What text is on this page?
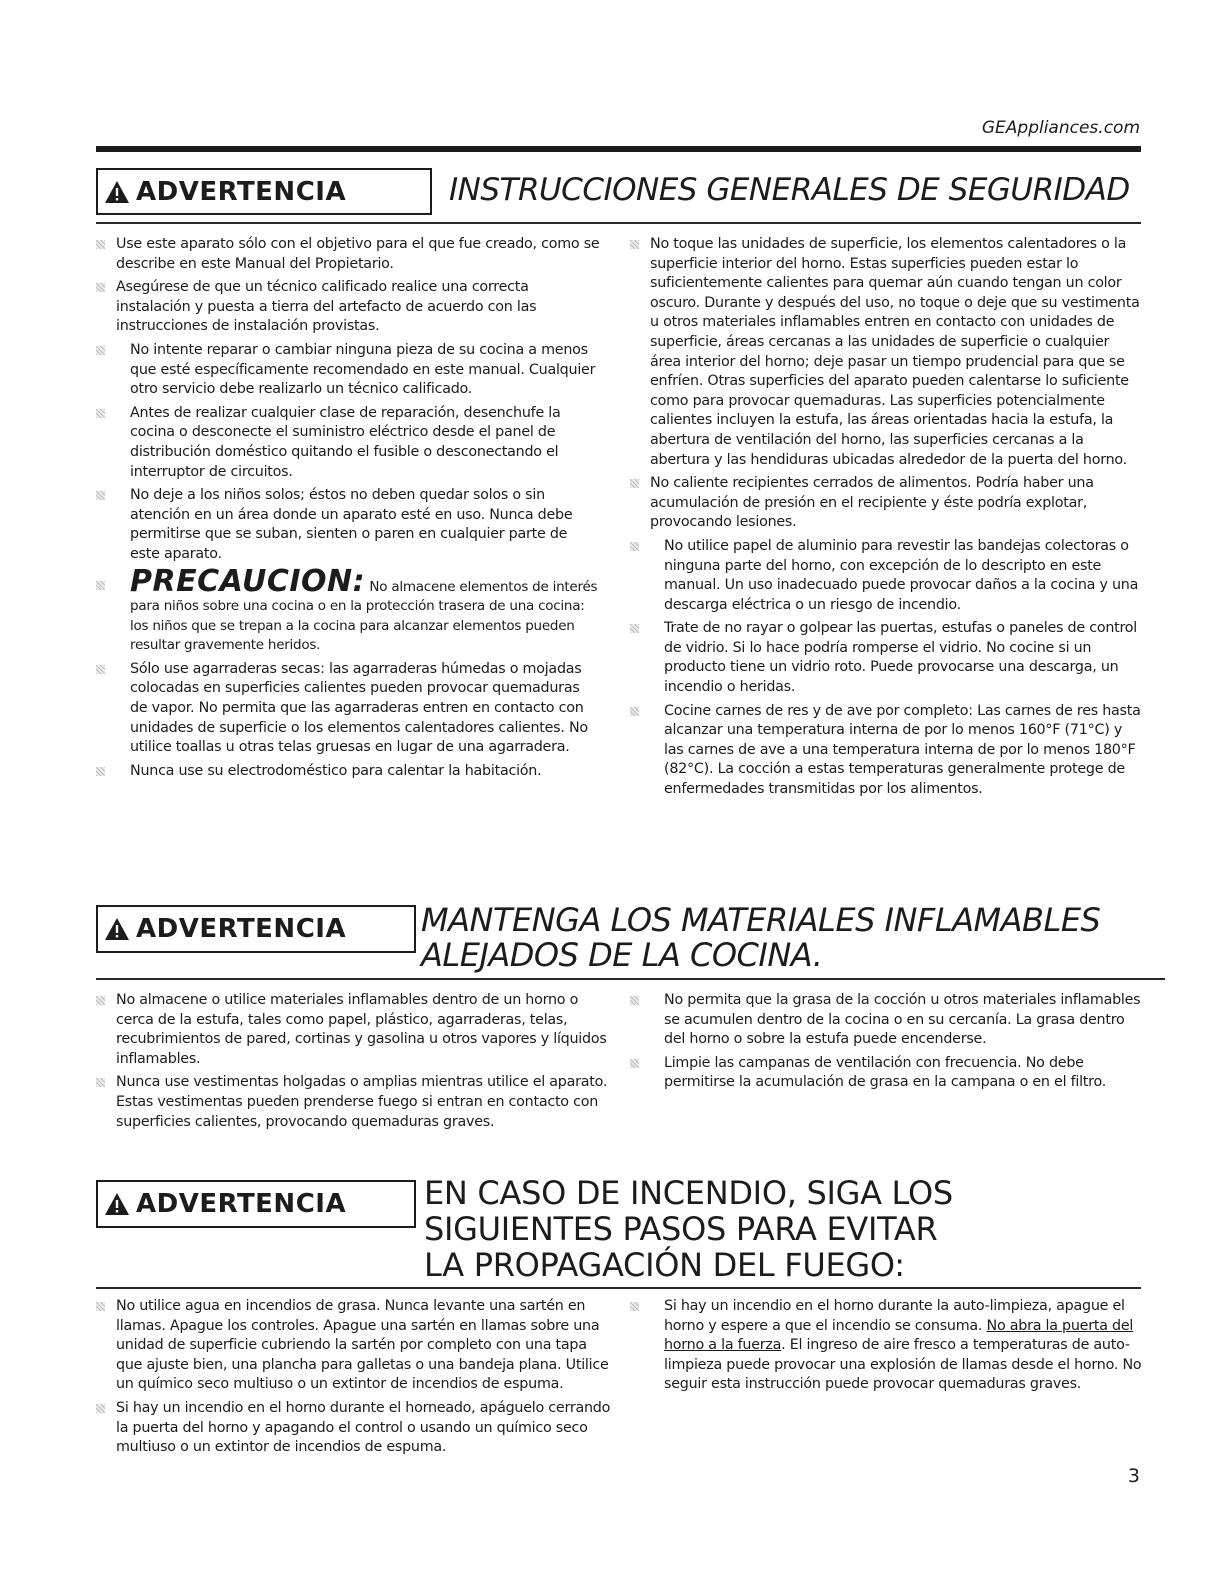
GEAppliances.com
ADVERTENCIA	INSTRUCCIONES GENERALES DE SEGURIDAD
Use este aparato sólo con el objetivo para el que fue creado, como se describe en este Manual del Propietario.
Asegúrese de que un técnico calificado realice una correcta instalación y puesta a tierra del artefacto de acuerdo con las instrucciones de instalación provistas.
No intente reparar o cambiar ninguna pieza de su cocina a menos que esté específicamente recomendado en este manual. Cualquier otro servicio debe realizarlo un técnico calificado.
Antes de realizar cualquier clase de reparación, desenchufe la cocina o desconecte el suministro eléctrico desde el panel de distribución doméstico quitando el fusible o desconectando el interruptor de circuitos.
No deje a los niños solos; éstos no deben quedar solos o sin atención en un área donde un aparato esté en uso. Nunca debe permitirse que se suban, sienten o paren en cualquier parte de este aparato.
PRECAUCION: No almacene elementos de interés para niños sobre una cocina o en la protección trasera de una cocina: los niños que se trepan a la cocina para alcanzar elementos pueden resultar gravemente heridos.
Sólo use agarraderas secas: las agarraderas húmedas o mojadas colocadas en superficies calientes pueden provocar quemaduras de vapor. No permita que las agarraderas entren en contacto con unidades de superficie o los elementos calentadores calientes. No utilice toallas u otras telas gruesas en lugar de una agarradera.
Nunca use su electrodoméstico para calentar la habitación.
No toque las unidades de superficie, los elementos calentadores o la superficie interior del horno. Estas superficies pueden estar lo suficientemente calientes para quemar aún cuando tengan un color oscuro. Durante y después del uso, no toque o deje que su vestimenta u otros materiales inflamables entren en contacto con unidades de superficie, áreas cercanas a las unidades de superficie o cualquier área interior del horno; deje pasar un tiempo prudencial para que se enfríen. Otras superficies del aparato pueden calentarse lo suficiente como para provocar quemaduras. Las superficies potencialmente calientes incluyen la estufa, las áreas orientadas hacia la estufa, la abertura de ventilación del horno, las superficies cercanas a la abertura y las hendiduras ubicadas alrededor de la puerta del horno.
No caliente recipientes cerrados de alimentos. Podría haber una acumulación de presión en el recipiente y éste podría explotar, provocando lesiones.
No utilice papel de aluminio para revestir las bandejas colectoras o ninguna parte del horno, con excepción de lo descripto en este manual. Un uso inadecuado puede provocar daños a la cocina y una descarga eléctrica o un riesgo de incendio.
Trate de no rayar o golpear las puertas, estufas o paneles de control de vidrio. Si lo hace podría romperse el vidrio. No cocine si un producto tiene un vidrio roto. Puede provocarse una descarga, un incendio o heridas.
Cocine carnes de res y de ave por completo: Las carnes de res hasta alcanzar una temperatura interna de por lo menos 160°F (71°C) y las carnes de ave a una temperatura interna de por lo menos 180°F (82°C). La cocción a estas temperaturas generalmente protege de enfermedades transmitidas por los alimentos.
ADVERTENCIA MANTENGA LOS MATERIALES INFLAMABLES
ALEJADOS DE LA COCINA.
No almacene o utilice materiales inflamables dentro de un horno o cerca de la estufa, tales como papel, plástico, agarraderas, telas, recubrimientos de pared, cortinas y gasolina u otros vapores y líquidos inflamables.
Nunca use vestimentas holgadas o amplias mientras utilice el aparato. Estas vestimentas pueden prenderse fuego si entran en contacto con superficies calientes, provocando quemaduras graves.
No permita que la grasa de la cocción u otros materiales inflamables se acumulen dentro de la cocina o en su cercanía. La grasa dentro del horno o sobre la estufa puede encenderse.
Limpie las campanas de ventilación con frecuencia. No debe permitirse la acumulación de grasa en la campana o en el filtro.
ADVERTENCIA EN CASO DE INCENDIO, SIGA LOS
SIGUIENTES PASOS PARA EVITAR
LA PROPAGACIÓN DEL FUEGO:
No utilice agua en incendios de grasa. Nunca levante una sartén en llamas. Apague los controles. Apague una sartén en llamas sobre una unidad de superficie cubriendo la sartén por completo con una tapa que ajuste bien, una plancha para galletas o una bandeja plana. Utilice un químico seco multiuso o un extintor de incendios de espuma.
Si hay un incendio en el horno durante el horneado, apáguelo cerrando la puerta del horno y apagando el control o usando un químico seco multiuso o un extintor de incendios de espuma.
Si hay un incendio en el horno durante la auto-limpieza, apague el horno y espere a que el incendio se consuma. No abra la puerta del horno a la fuerza. El ingreso de aire fresco a temperaturas de auto-limpieza puede provocar una explosión de llamas desde el horno. No seguir esta instrucción puede provocar quemaduras graves.
3
